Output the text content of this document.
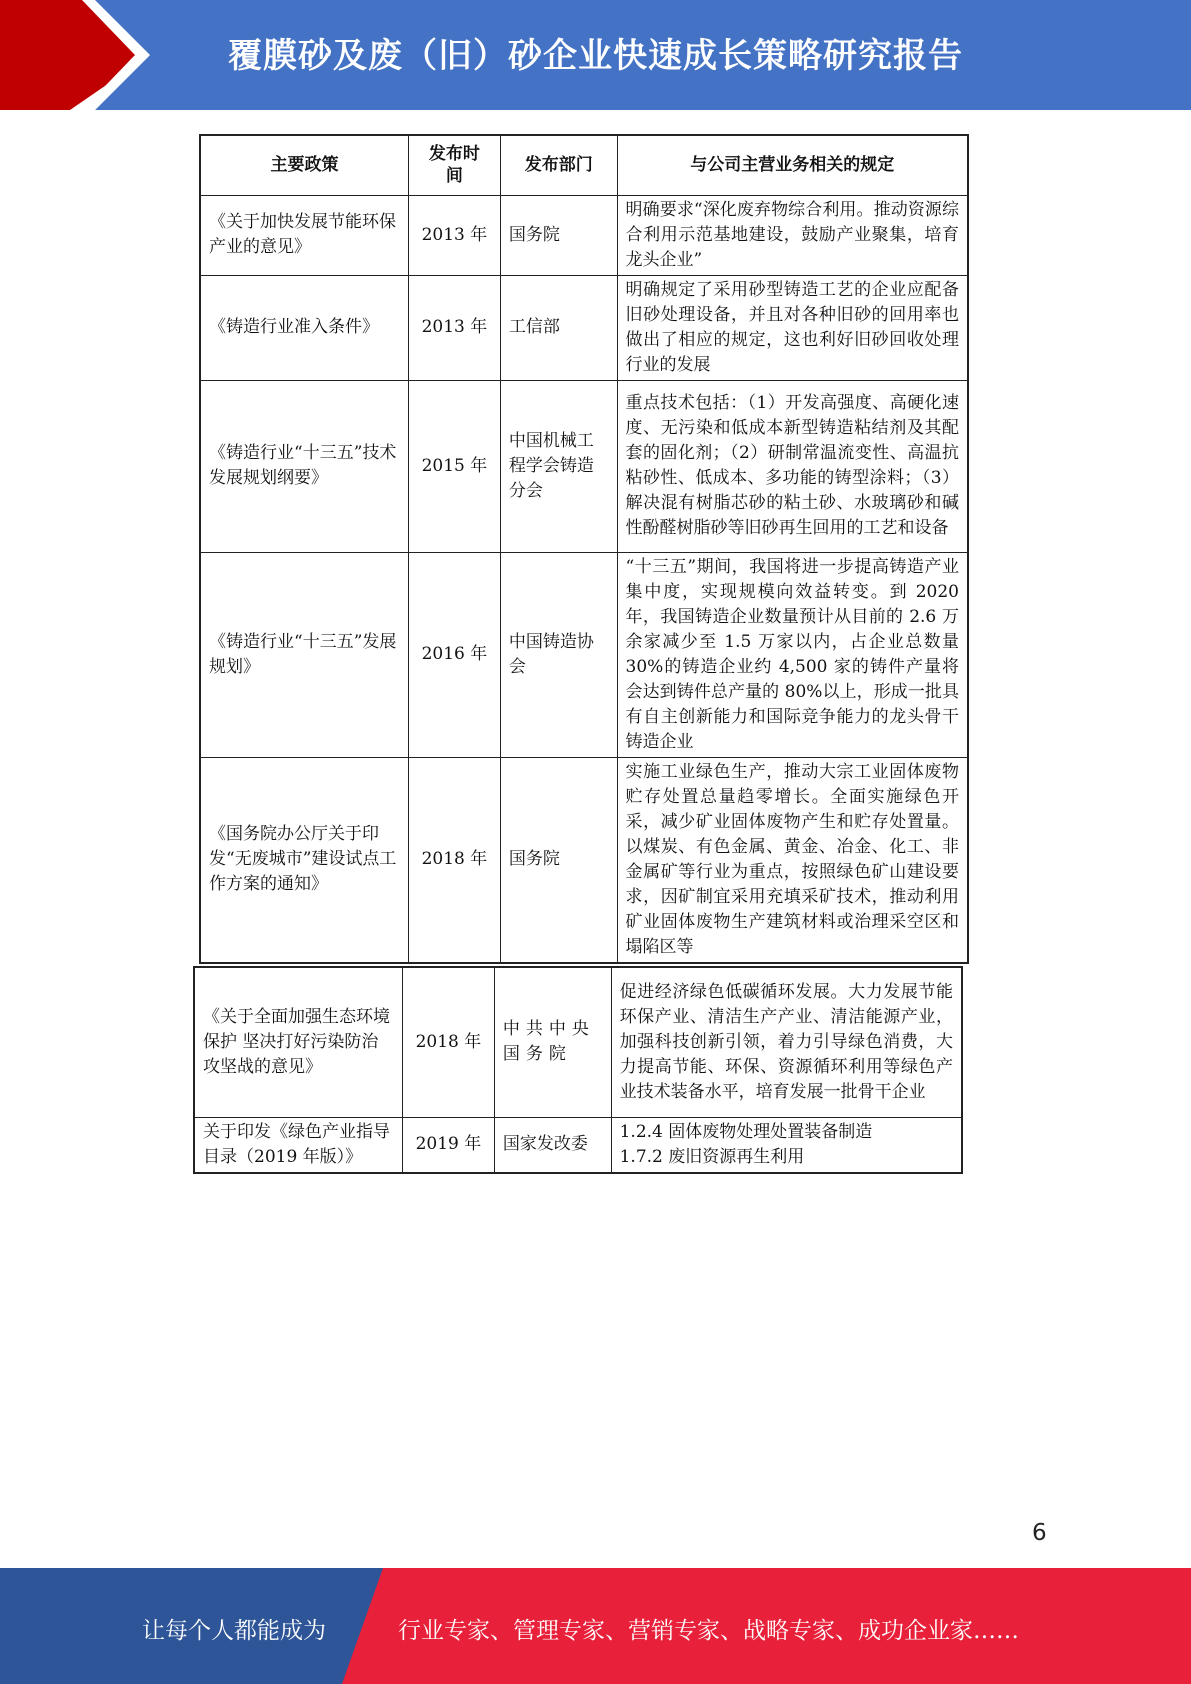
覆膜砂及废（旧）砂企业快速成长策略研究报告
主要政策	发布时间	发布部门	与公司主营业务相关的规定
《关于加快发展节能环保产业的意见》	2013 年	国务院	明确要求“深化废弃物综合利用。推动资源综合利用示范基地建设，鼓励产业聚集，培育龙头企业”
《铸造行业准入条件》	2013 年	工信部	明确规定了采用砂型铸造工艺的企业应配备旧砂处理设备，并且对各种旧砂的回用率也做出了相应的规定，这也利好旧砂回收处理行业的发展
《铸造行业“十三五”技术发展规划纲要》	2015 年	中国机械工程学会铸造分会	重点技术包括：（1）开发高强度、高硬化速度、无污染和低成本新型铸造粘结剂及其配套的固化剂；（2）研制常温流变性、高温抗粘砂性、低成本、多功能的铸型涂料；（3）解决混有树脂芯砂的粘土砂、水玻璃砂和碱性酚醛树脂砂等旧砂再生回用的工艺和设备
《铸造行业“十三五”发展规划》	2016 年	中国铸造协会	“十三五”期间，我国将进一步提高铸造产业集中度，实现规模向效益转变。到 2020 年，我国铸造企业数量预计从目前的 2.6 万余家减少至 1.5 万家以内，占企业总数量 30%的铸造企业约 4,500 家的铸件产量将会达到铸件总产量的 80%以上，形成一批具有自主创新能力和国际竞争能力的龙头骨干铸造企业
《国务院办公厅关于印发“无废城市”建设试点工作方案的通知》	2018 年	国务院	实施工业绿色生产，推动大宗工业固体废物贮存处置总量趋零增长。全面实施绿色开采，减少矿业固体废物产生和贮存处置量。以煤炭、有色金属、黄金、冶金、化工、非金属矿等行业为重点，按照绿色矿山建设要求，因矿制宜采用充填采矿技术，推动利用矿业固体废物生产建筑材料或治理采空区和塌陷区等
《关于全面加强生态环境保护 坚决打好污染防治攻坚战的意见》	2018 年	中共中央国务院	促进经济绿色低碳循环发展。大力发展节能环保产业、清洁生产产业、清洁能源产业，加强科技创新引领，着力引导绿色消费，大力提高节能、环保、资源循环利用等绿色产业技术装备水平，培育发展一批骨干企业
关于印发《绿色产业指导目录（2019 年版）》	2019 年	国家发改委	1.2.4 固体废物处理处置装备制造
1.7.2 废旧资源再生利用
6
让每个人都能成为	行业专家、管理专家、营销专家、战略专家、成功企业家……
